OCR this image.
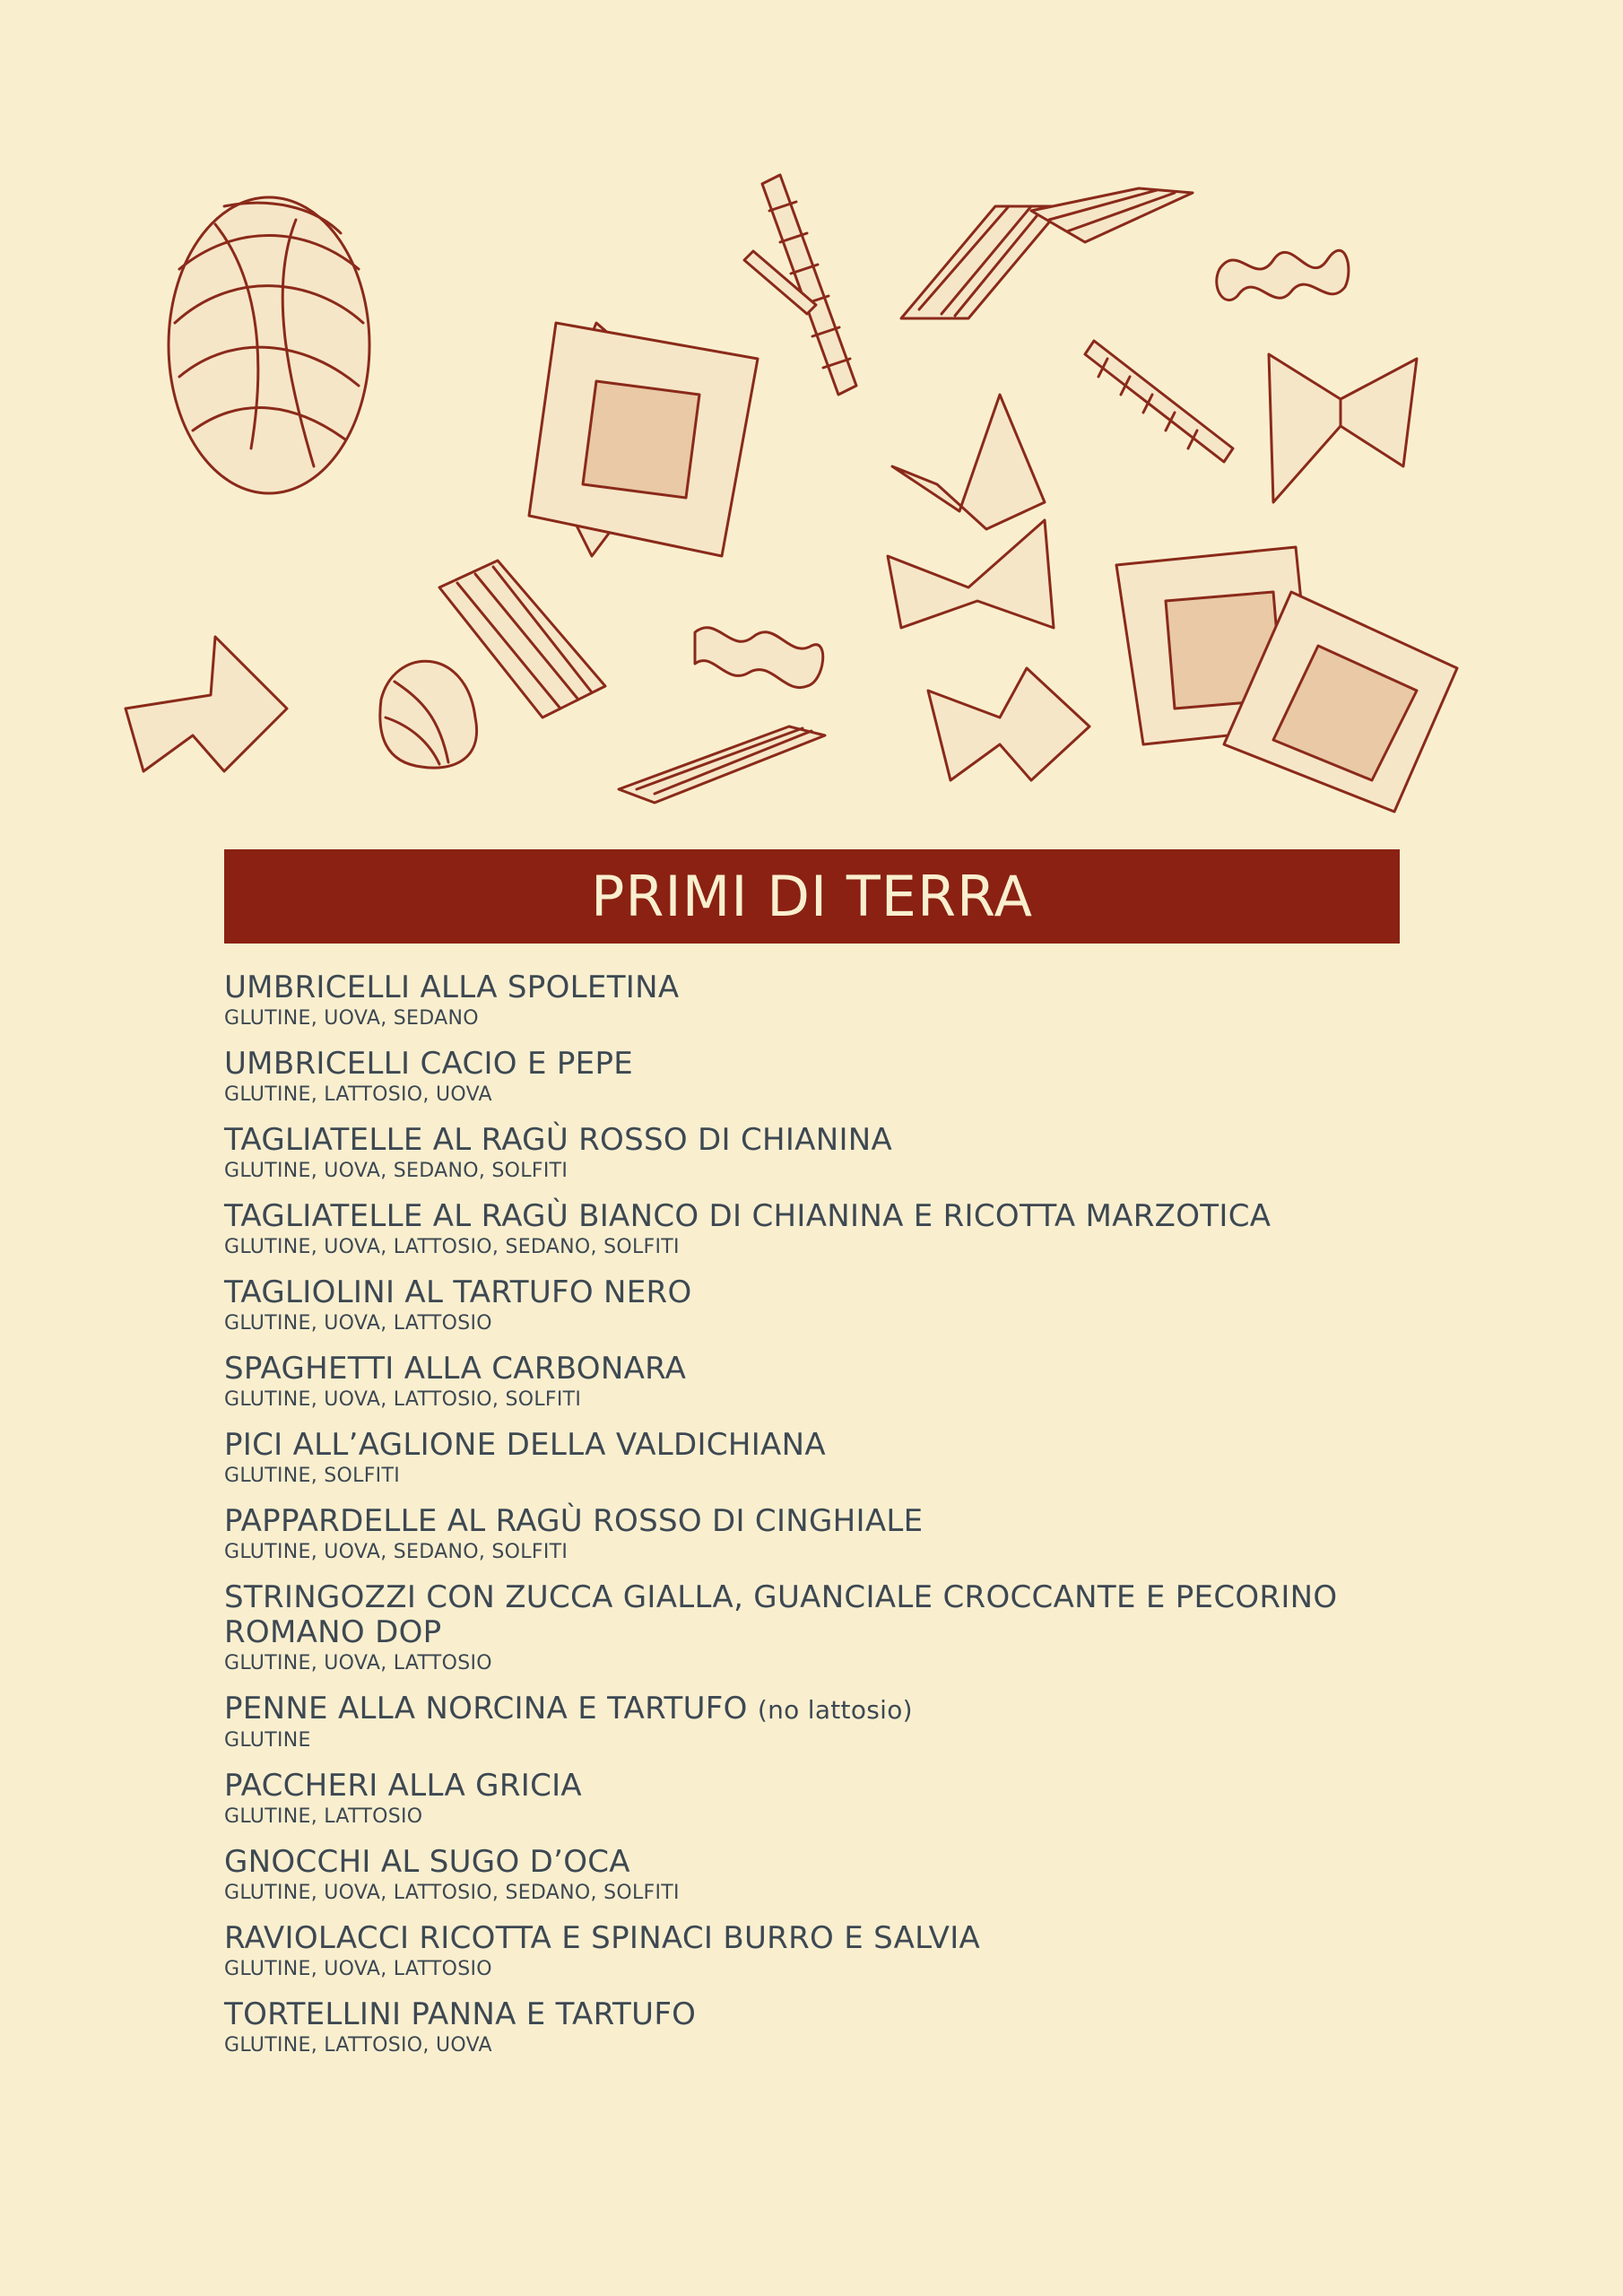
PRIMI DI TERRA
UMBRICELLI ALLA SPOLETINA
GLUTINE, UOVA, SEDANO
UMBRICELLI CACIO E PEPE
GLUTINE, LATTOSIO, UOVA
TAGLIATELLE AL RAGÙ ROSSO DI CHIANINA
GLUTINE, UOVA, SEDANO, SOLFITI
TAGLIATELLE AL RAGÙ BIANCO DI CHIANINA E RICOTTA MARZOTICA
GLUTINE, UOVA, LATTOSIO, SEDANO, SOLFITI
TAGLIOLINI AL TARTUFO NERO
GLUTINE, UOVA, LATTOSIO
SPAGHETTI ALLA CARBONARA
GLUTINE, UOVA, LATTOSIO, SOLFITI
PICI ALL’AGLIONE DELLA VALDICHIANA
GLUTINE, SOLFITI
PAPPARDELLE AL RAGÙ ROSSO DI CINGHIALE
GLUTINE, UOVA, SEDANO, SOLFITI
STRINGOZZI CON ZUCCA GIALLA, GUANCIALE CROCCANTE E PECORINO ROMANO DOP
GLUTINE, UOVA, LATTOSIO
PENNE ALLA NORCINA E TARTUFO (no lattosio)
GLUTINE
PACCHERI ALLA GRICIA
GLUTINE, LATTOSIO
GNOCCHI AL SUGO D’OCA
GLUTINE, UOVA, LATTOSIO, SEDANO, SOLFITI
RAVIOLACCI RICOTTA E SPINACI BURRO E SALVIA
GLUTINE, UOVA, LATTOSIO
TORTELLINI PANNA E TARTUFO
GLUTINE, LATTOSIO, UOVA
